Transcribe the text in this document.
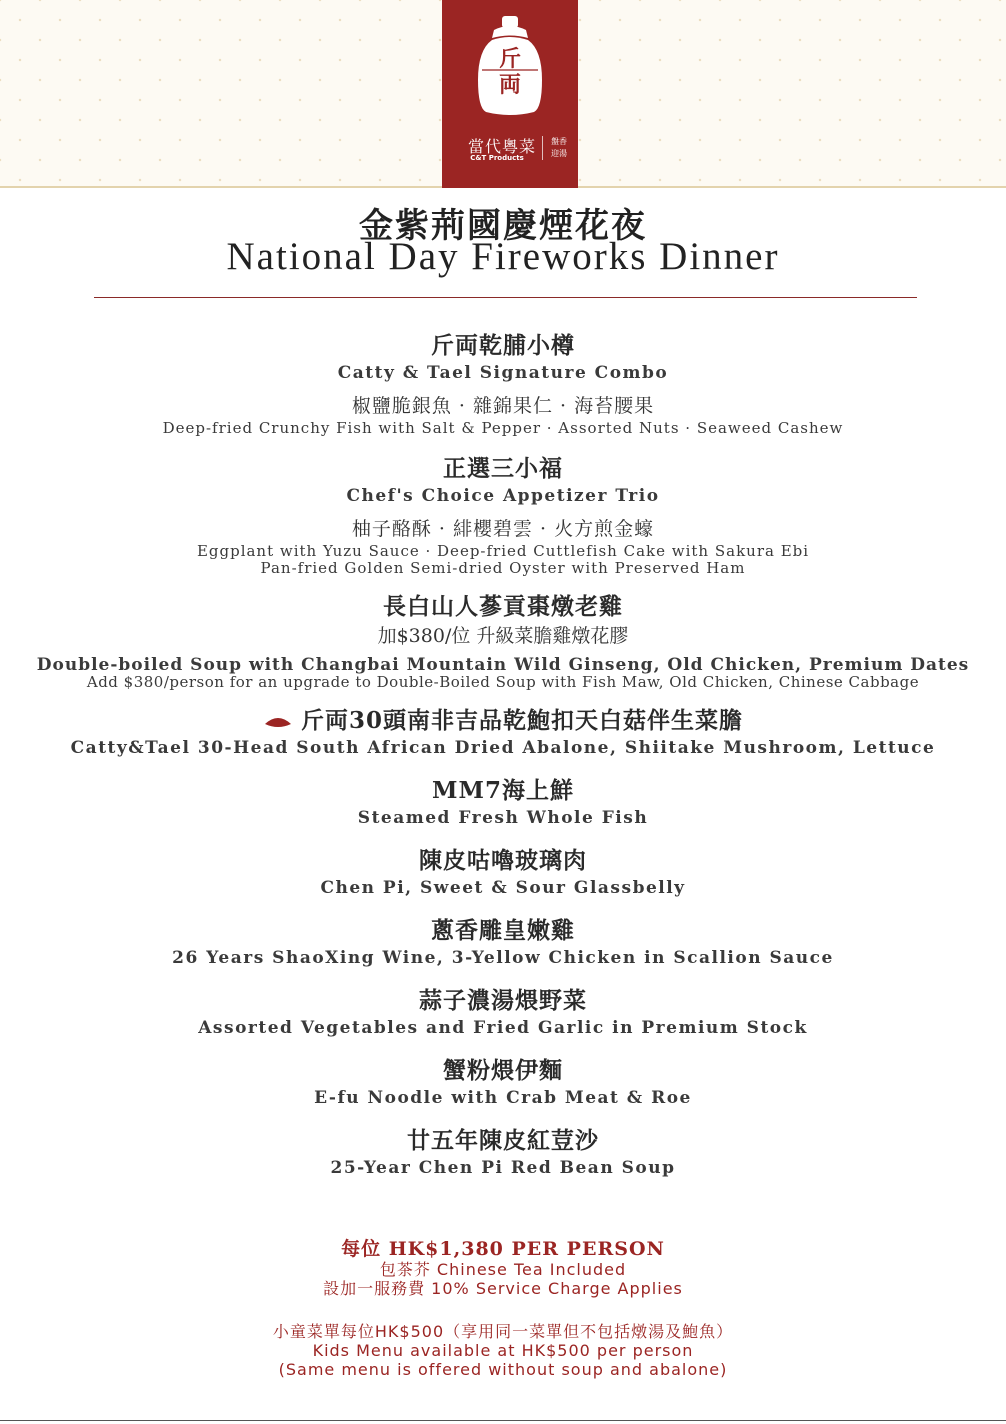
斤両
當代粵菜
C&T Products
盤香 迎湯
金紫荊國慶煙花夜
National Day Fireworks Dinner
斤両乾脯小樽
Catty & Tael Signature Combo
椒鹽脆銀魚 · 雜錦果仁 · 海苔腰果
Deep-fried Crunchy Fish with Salt & Pepper · Assorted Nuts · Seaweed Cashew
正選三小福
Chef's Choice Appetizer Trio
柚子酪酥 · 緋櫻碧雲 · 火方煎金蠔
Eggplant with Yuzu Sauce · Deep-fried Cuttlefish Cake with Sakura Ebi
Pan-fried Golden Semi-dried Oyster with Preserved Ham
長白山人蔘貢棗燉老雞
加$380/位 升級菜膽雞燉花膠
Double-boiled Soup with Changbai Mountain Wild Ginseng, Old Chicken, Premium Dates
Add $380/person for an upgrade to Double-Boiled Soup with Fish Maw, Old Chicken, Chinese Cabbage
斤両30頭南非吉品乾鮑扣天白菇伴生菜膽
Catty&Tael 30-Head South African Dried Abalone, Shiitake Mushroom, Lettuce
MM7海上鮮
Steamed Fresh Whole Fish
陳皮咕嚕玻璃肉
Chen Pi, Sweet & Sour Glassbelly
蔥香雕皇嫩雞
26 Years ShaoXing Wine, 3-Yellow Chicken in Scallion Sauce
蒜子濃湯煨野菜
Assorted Vegetables and Fried Garlic in Premium Stock
蟹粉煨伊麵
E-fu Noodle with Crab Meat & Roe
廿五年陳皮紅荳沙
25-Year Chen Pi Red Bean Soup
每位 HK$1,380 PER PERSON
包茶芥 Chinese Tea Included
設加一服務費 10% Service Charge Applies
小童菜單每位HK$500（享用同一菜單但不包括燉湯及鮑魚）
Kids Menu available at HK$500 per person
(Same menu is offered without soup and abalone)
